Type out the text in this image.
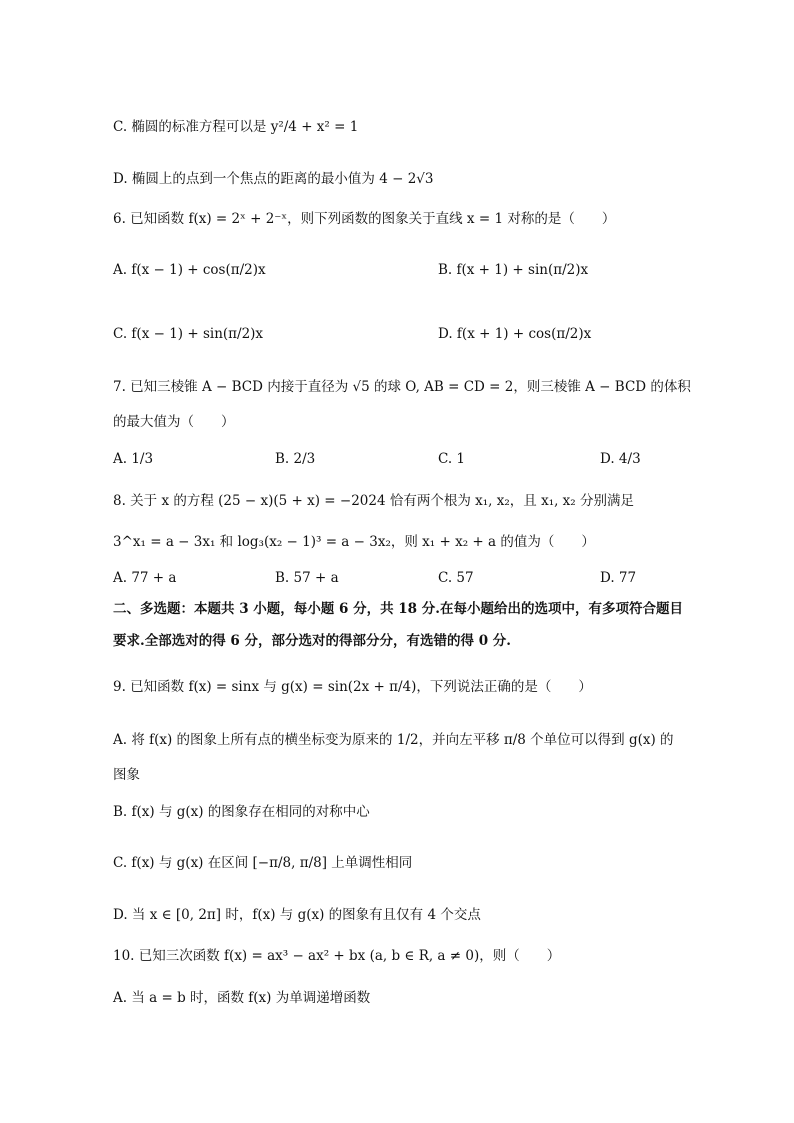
C. 椭圆的标准方程可以是 y²/4 + x² = 1
D. 椭圆上的点到一个焦点的距离的最小值为 4 − 2√3
6. 已知函数 f(x) = 2ˣ + 2⁻ˣ，则下列函数的图象关于直线 x = 1 对称的是（　　）
A. f(x − 1) + cos(π/2)x	B. f(x + 1) + sin(π/2)x
C. f(x − 1) + sin(π/2)x	D. f(x + 1) + cos(π/2)x
7. 已知三棱锥 A − BCD 内接于直径为 √5 的球 O, AB = CD = 2，则三棱锥 A − BCD 的体积
的最大值为（　　）
A. 1/3	B. 2/3	C. 1	D. 4/3
8. 关于 x 的方程 (25 − x)(5 + x) = −2024 恰有两个根为 x₁, x₂，且 x₁, x₂ 分别满足
3^x₁ = a − 3x₁ 和 log₃(x₂ − 1)³ = a − 3x₂，则 x₁ + x₂ + a 的值为（　　）
A. 77 + a	B. 57 + a	C. 57	D. 77
二、多选题：本题共 3 小题，每小题 6 分，共 18 分.在每小题给出的选项中，有多项符合题目
要求.全部选对的得 6 分，部分选对的得部分分，有选错的得 0 分.
9. 已知函数 f(x) = sinx 与 g(x) = sin(2x + π/4)，下列说法正确的是（　　）
A. 将 f(x) 的图象上所有点的横坐标变为原来的 1/2，并向左平移 π/8 个单位可以得到 g(x) 的
图象
B. f(x) 与 g(x) 的图象存在相同的对称中心
C. f(x) 与 g(x) 在区间 [−π/8, π/8] 上单调性相同
D. 当 x ∈ [0, 2π] 时，f(x) 与 g(x) 的图象有且仅有 4 个交点
10. 已知三次函数 f(x) = ax³ − ax² + bx (a, b ∈ R, a ≠ 0)，则（　　）
A. 当 a = b 时，函数 f(x) 为单调递增函数
